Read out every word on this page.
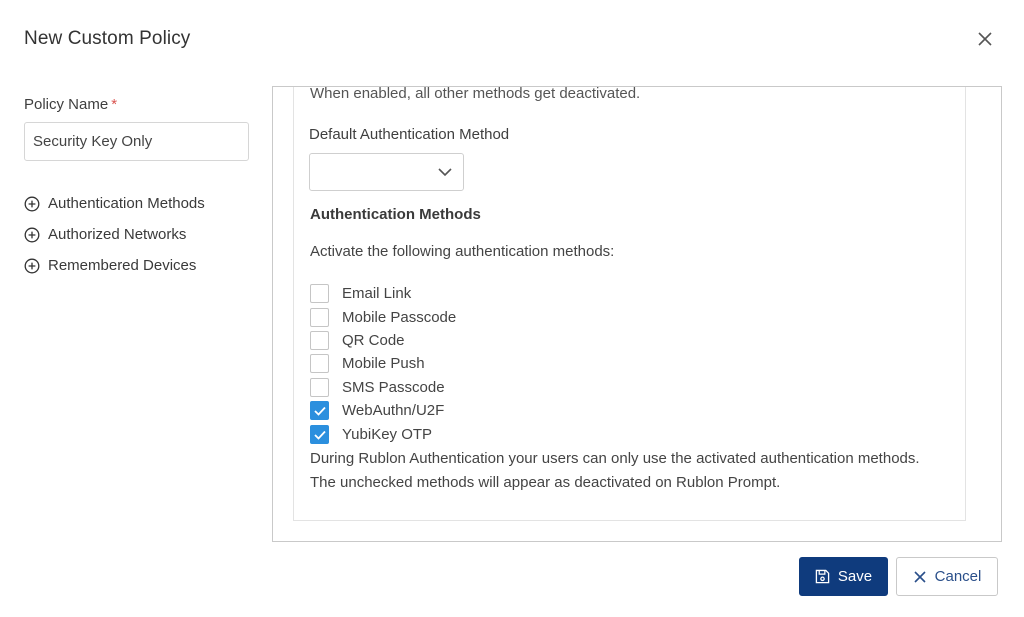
New Custom Policy
Policy Name *
Security Key Only
Authentication Methods
Authorized Networks
Remembered Devices
When enabled, all other methods get deactivated.
Default Authentication Method
Authentication Methods
Activate the following authentication methods:
Email Link
Mobile Passcode
QR Code
Mobile Push
SMS Passcode
WebAuthn/U2F
YubiKey OTP
During Rublon Authentication your users can only use the activated authentication methods.
The unchecked methods will appear as deactivated on Rublon Prompt.
Save	Cancel
